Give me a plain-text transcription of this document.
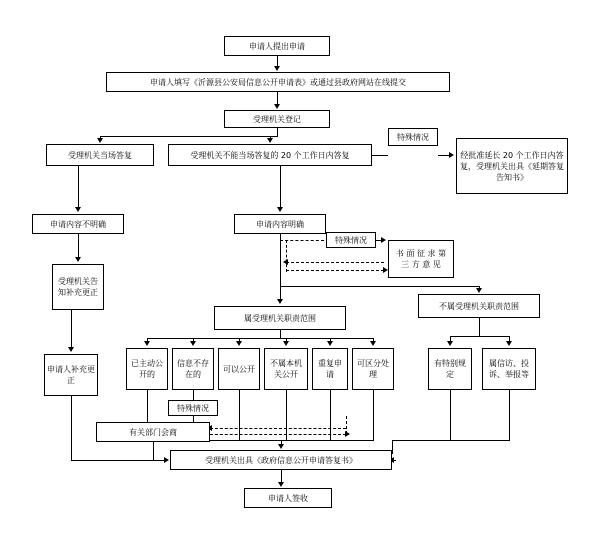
申请人提出申请
申请人填写《沂源县公安局信息公开申请表》或通过县政府网站在线提交
受理机关登记
受理机关当场答复	受理机关不能当场答复的 20 个工作日内答复	经批准延长 20 个工作日内答复，受理机关出具《延期答复告知书》
申请内容不明确	申请内容明确
书 面 征 求 第 三 方 意 见
受理机关告知补充更正
申请人补充更正
属受理机关职责范围
不属受理机关职责范围
已主动公开的
信息不存在的
可以公开
不属本机关公开
重复申请
可区分处理
有特别规定
属信访、投诉、举报等
有关部门会商
受理机关出具《政府信息公开申请答复书》
申请人签收
特殊情况
特殊情况
特殊情况
